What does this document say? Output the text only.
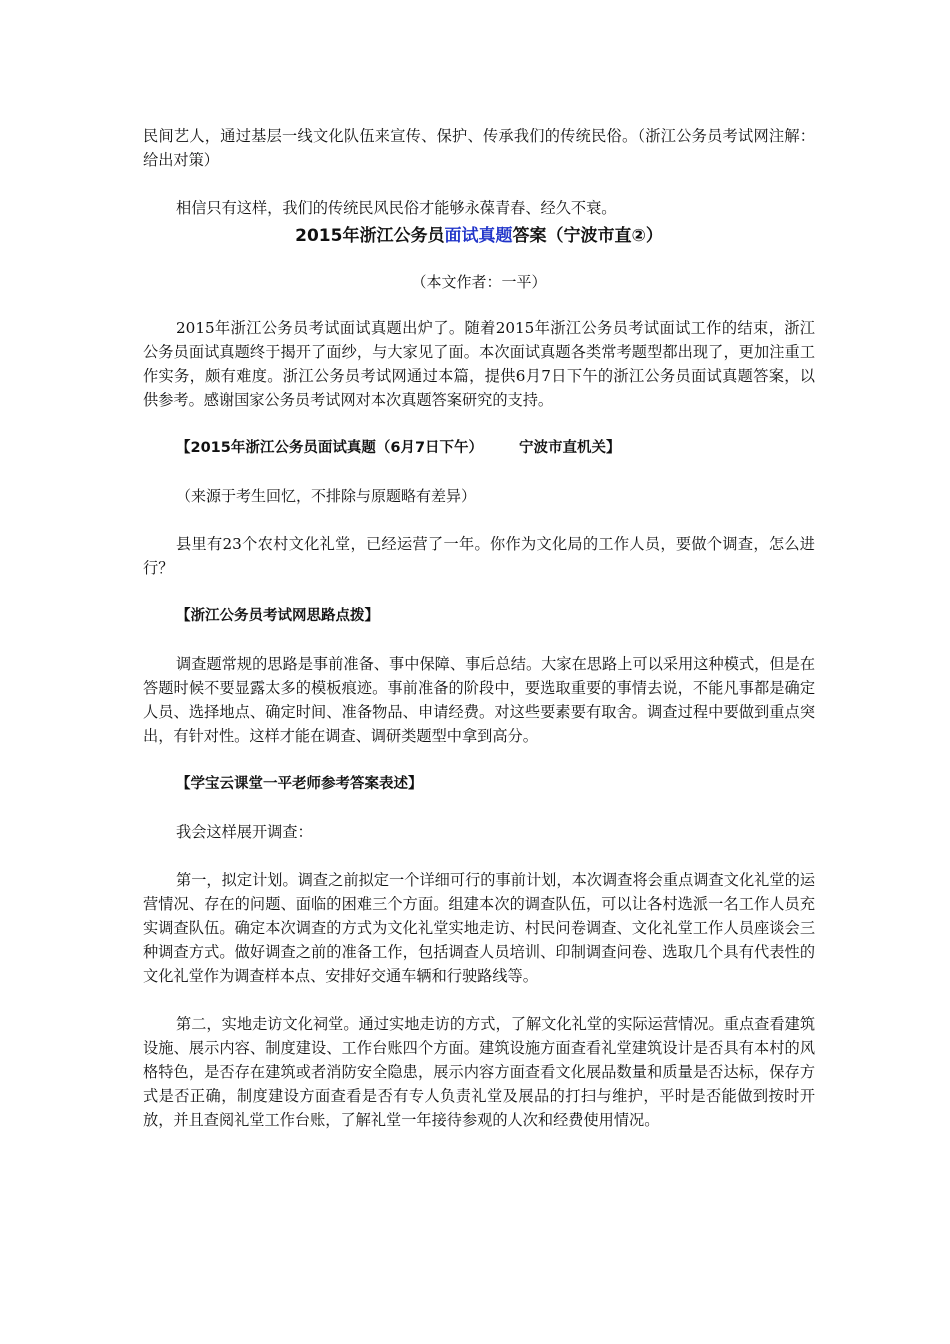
民间艺人，通过基层一线文化队伍来宣传、保护、传承我们的传统民俗。（浙江公务员考试网注解：给出对策）

相信只有这样，我们的传统民风民俗才能够永葆青春、经久不衰。

2015年浙江公务员面试真题答案（宁波市直②）

（本文作者：一平）

2015年浙江公务员考试面试真题出炉了。随着2015年浙江公务员考试面试工作的结束，浙江公务员面试真题终于揭开了面纱，与大家见了面。本次面试真题各类常考题型都出现了，更加注重工作实务，颇有难度。浙江公务员考试网通过本篇，提供6月7日下午的浙江公务员面试真题答案，以供参考。感谢国家公务员考试网对本次真题答案研究的支持。

【2015年浙江公务员面试真题（6月7日下午） 宁波市直机关】

（来源于考生回忆，不排除与原题略有差异）

县里有23个农村文化礼堂，已经运营了一年。你作为文化局的工作人员，要做个调查，怎么进行？

【浙江公务员考试网思路点拨】

调查题常规的思路是事前准备、事中保障、事后总结。大家在思路上可以采用这种模式，但是在答题时候不要显露太多的模板痕迹。事前准备的阶段中，要选取重要的事情去说，不能凡事都是确定人员、选择地点、确定时间、准备物品、申请经费。对这些要素要有取舍。调查过程中要做到重点突出，有针对性。这样才能在调查、调研类题型中拿到高分。

【学宝云课堂一平老师参考答案表述】

我会这样展开调查：

第一，拟定计划。调查之前拟定一个详细可行的事前计划，本次调查将会重点调查文化礼堂的运营情况、存在的问题、面临的困难三个方面。组建本次的调查队伍，可以让各村选派一名工作人员充实调查队伍。确定本次调查的方式为文化礼堂实地走访、村民问卷调查、文化礼堂工作人员座谈会三种调查方式。做好调查之前的准备工作，包括调查人员培训、印制调查问卷、选取几个具有代表性的文化礼堂作为调查样本点、安排好交通车辆和行驶路线等。

第二，实地走访文化祠堂。通过实地走访的方式，了解文化礼堂的实际运营情况。重点查看建筑设施、展示内容、制度建设、工作台账四个方面。建筑设施方面查看礼堂建筑设计是否具有本村的风格特色，是否存在建筑或者消防安全隐患，展示内容方面查看文化展品数量和质量是否达标，保存方式是否正确，制度建设方面查看是否有专人负责礼堂及展品的打扫与维护，平时是否能做到按时开放，并且查阅礼堂工作台账，了解礼堂一年接待参观的人次和经费使用情况。
